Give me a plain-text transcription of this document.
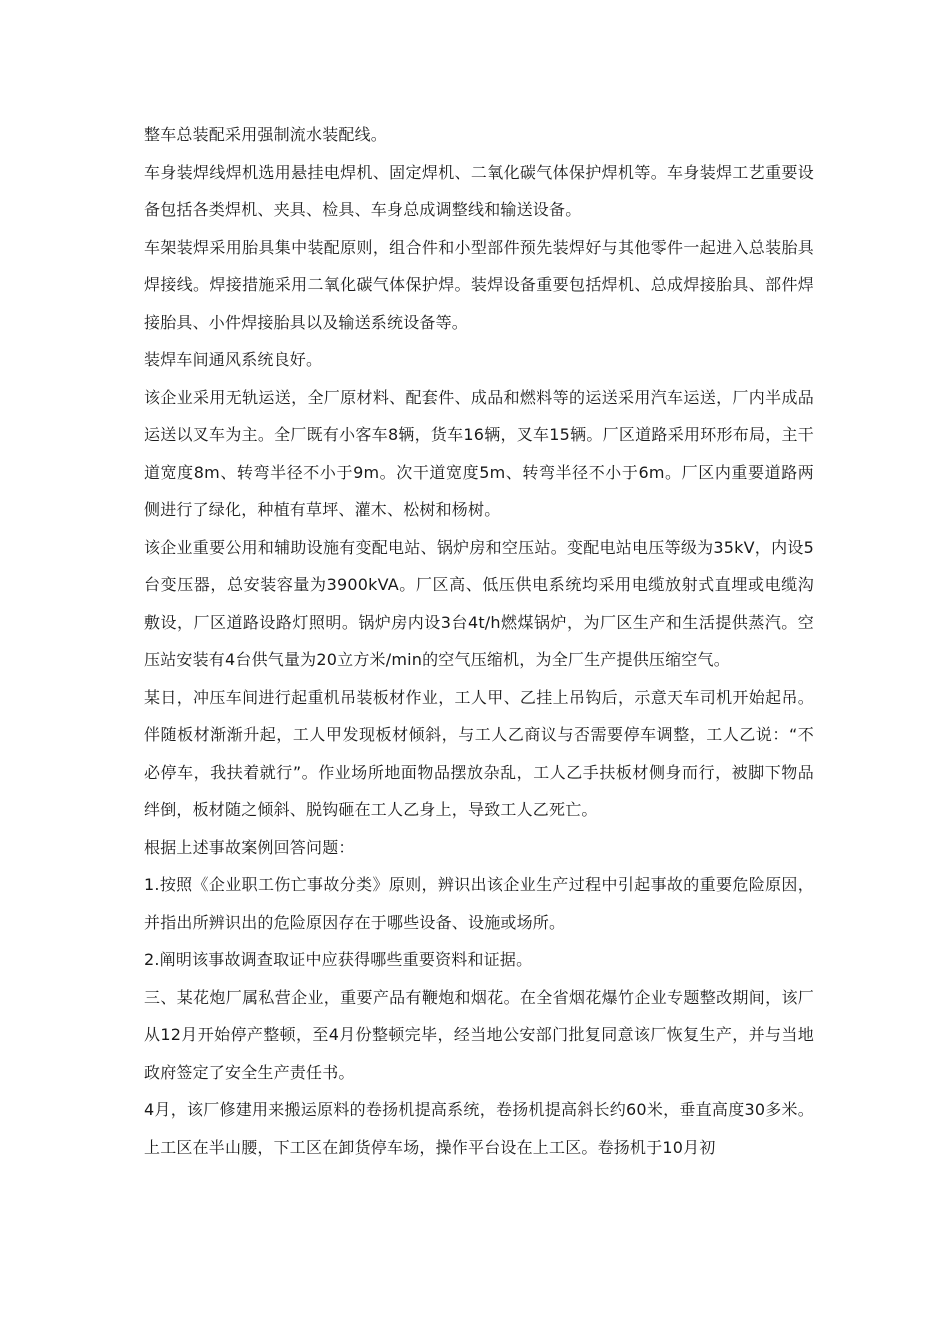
整车总装配采用强制流水装配线。

车身装焊线焊机选用悬挂电焊机、固定焊机、二氧化碳气体保护焊机等。车身装焊工艺重要设备包括各类焊机、夹具、检具、车身总成调整线和输送设备。

车架装焊采用胎具集中装配原则，组合件和小型部件预先装焊好与其他零件一起进入总装胎具焊接线。焊接措施采用二氧化碳气体保护焊。装焊设备重要包括焊机、总成焊接胎具、部件焊接胎具、小件焊接胎具以及输送系统设备等。

装焊车间通风系统良好。

该企业采用无轨运送，全厂原材料、配套件、成品和燃料等的运送采用汽车运送，厂内半成品运送以叉车为主。全厂既有小客车8辆，货车16辆，叉车15辆。厂区道路采用环形布局，主干道宽度8m、转弯半径不小于9m。次干道宽度5m、转弯半径不小于6m。厂区内重要道路两侧进行了绿化，种植有草坪、灌木、松树和杨树。

该企业重要公用和辅助设施有变配电站、锅炉房和空压站。变配电站电压等级为35kV，内设5台变压器，总安装容量为3900kVA。厂区高、低压供电系统均采用电缆放射式直埋或电缆沟敷设，厂区道路设路灯照明。锅炉房内设3台4t/h燃煤锅炉，为厂区生产和生活提供蒸汽。空压站安装有4台供气量为20立方米/min的空气压缩机，为全厂生产提供压缩空气。

某日，冲压车间进行起重机吊装板材作业，工人甲、乙挂上吊钩后，示意天车司机开始起吊。伴随板材渐渐升起，工人甲发现板材倾斜，与工人乙商议与否需要停车调整，工人乙说：“不必停车，我扶着就行”。作业场所地面物品摆放杂乱，工人乙手扶板材侧身而行，被脚下物品绊倒，板材随之倾斜、脱钩砸在工人乙身上，导致工人乙死亡。

根据上述事故案例回答问题：

1.按照《企业职工伤亡事故分类》原则，辨识出该企业生产过程中引起事故的重要危险原因，并指出所辨识出的危险原因存在于哪些设备、设施或场所。

2.阐明该事故调查取证中应获得哪些重要资料和证据。

三、某花炮厂属私营企业，重要产品有鞭炮和烟花。在全省烟花爆竹企业专题整改期间，该厂从12月开始停产整顿，至4月份整顿完毕，经当地公安部门批复同意该厂恢复生产，并与当地政府签定了安全生产责任书。

4月，该厂修建用来搬运原料的卷扬机提高系统，卷扬机提高斜长约60米，垂直高度30多米。上工区在半山腰，下工区在卸货停车场，操作平台设在上工区。卷扬机于10月初
